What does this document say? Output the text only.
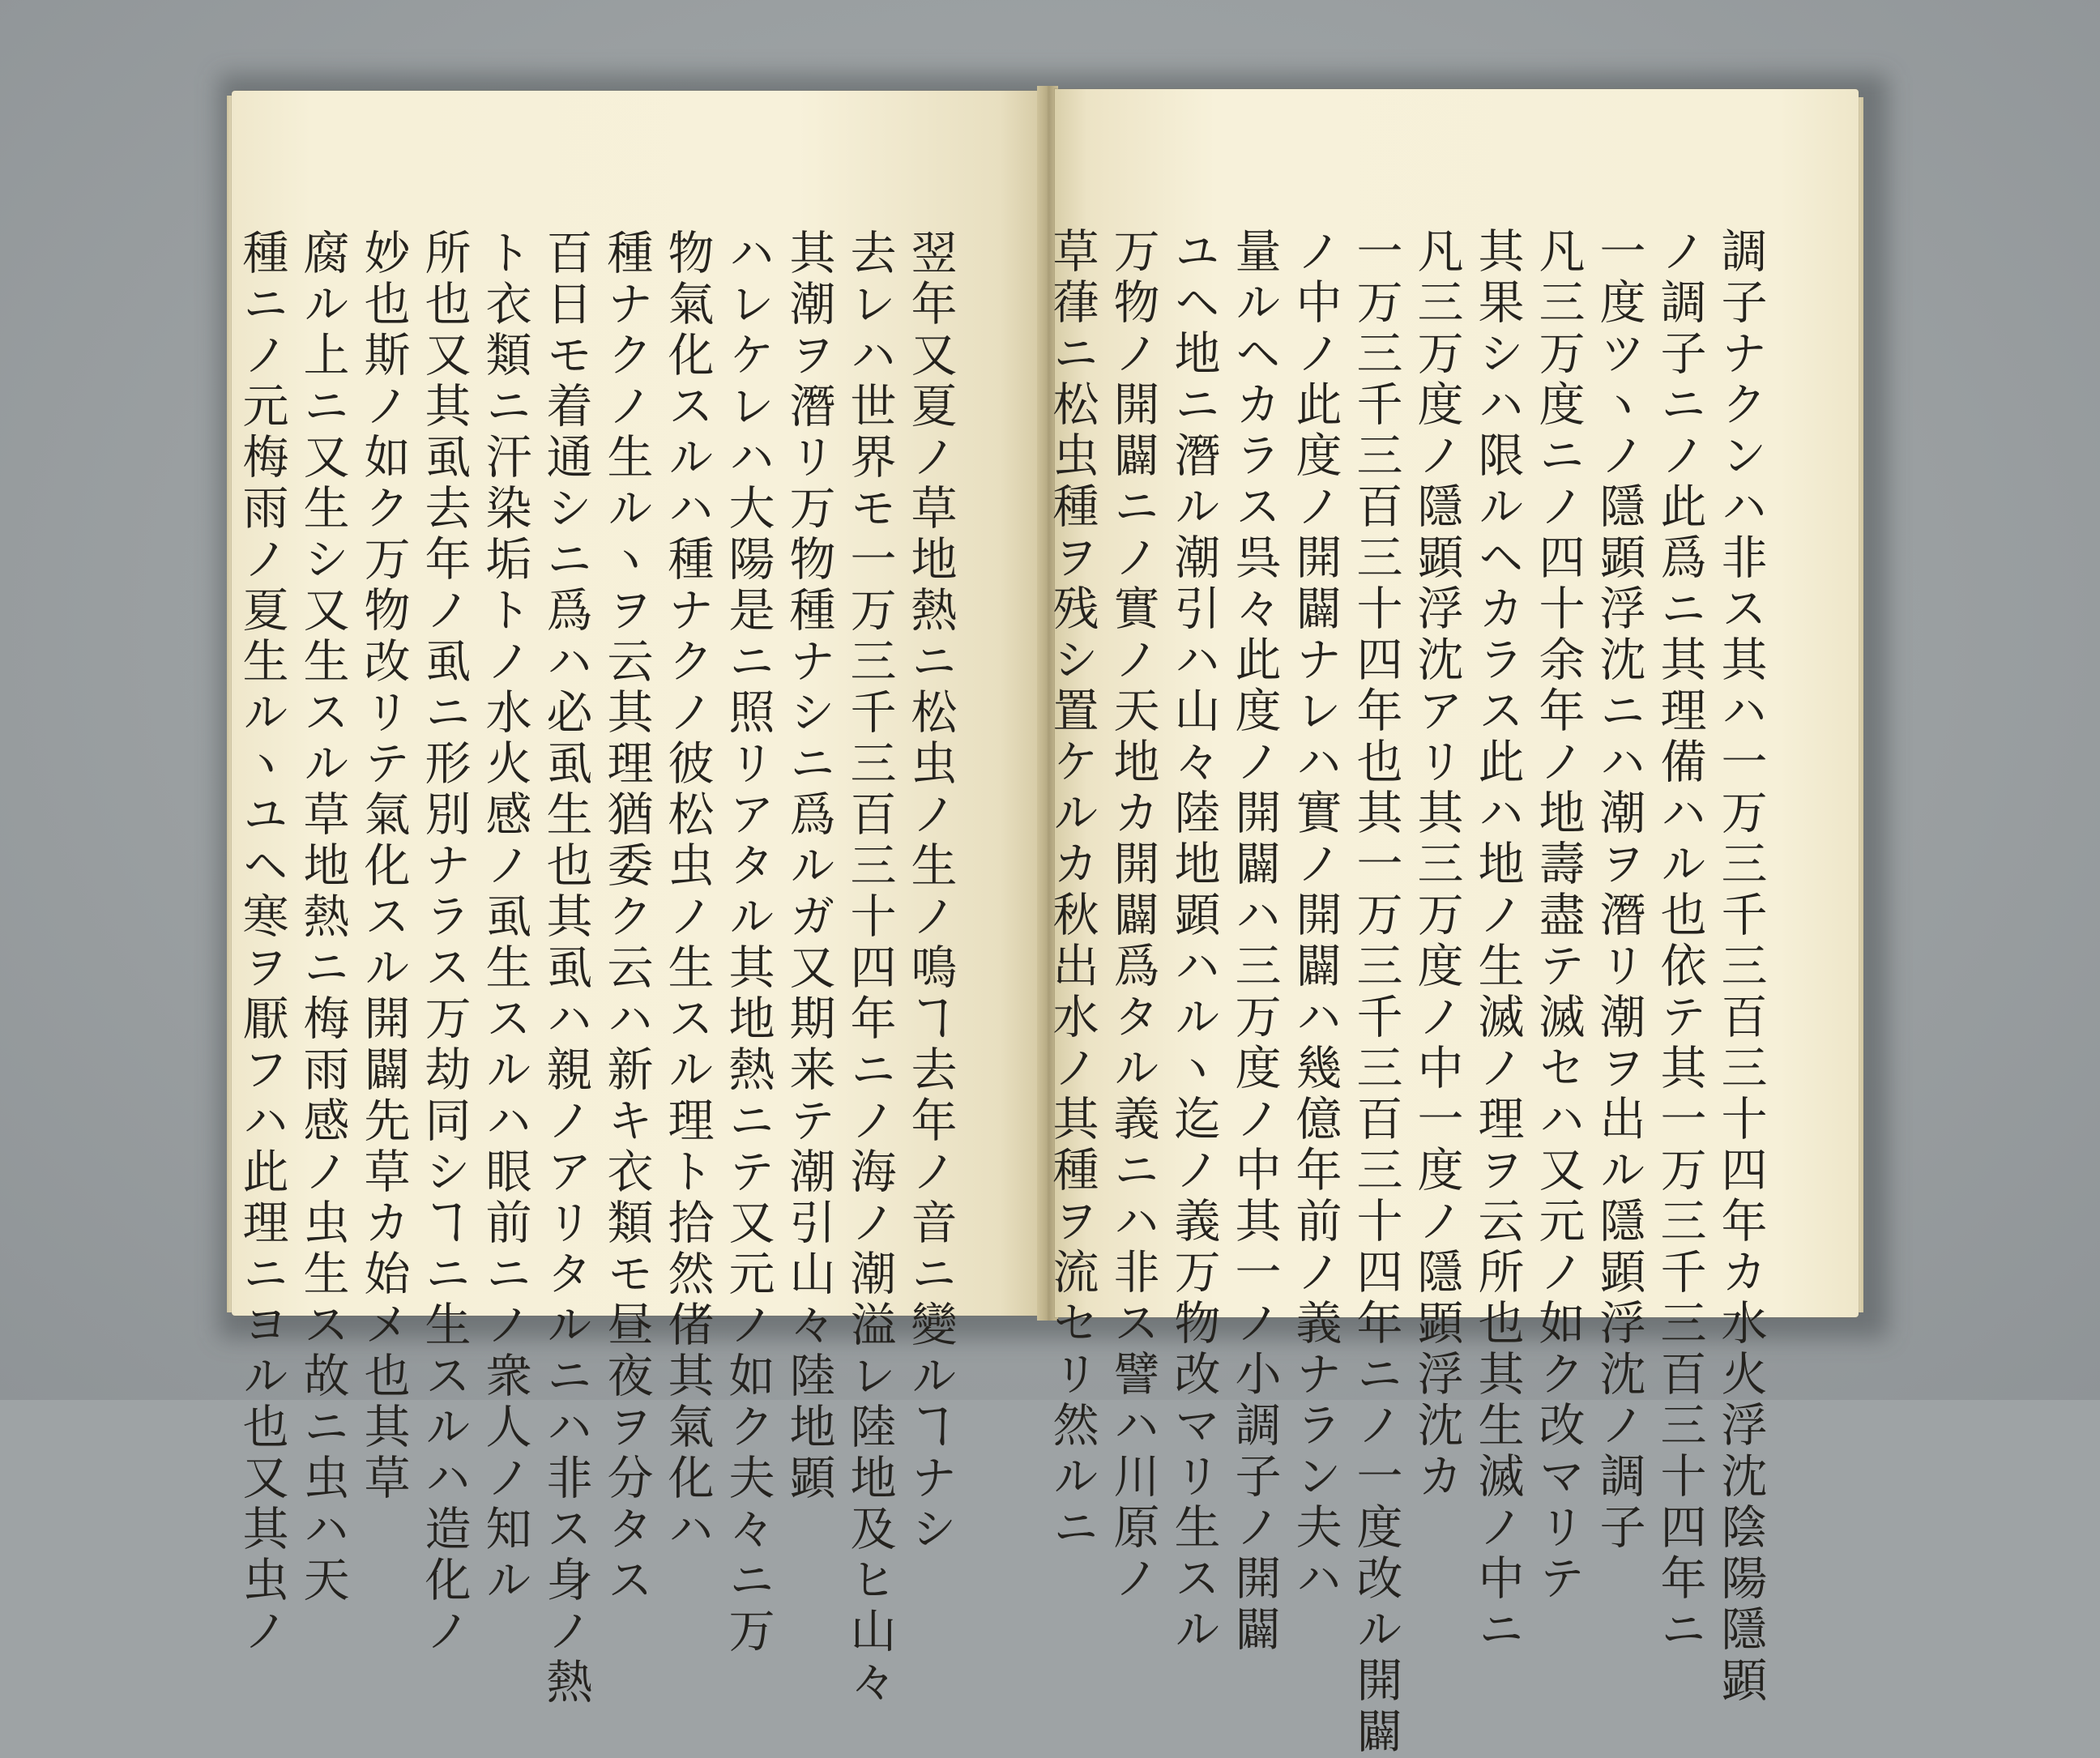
翌年又夏ノ草地熱ニ松虫ノ生ノ鳴ヿ去年ノ音ニ變ルヿナシ
去レハ世界モ一万三千三百三十四年ニノ海ノ潮溢レ陸地及ヒ山々
其潮ヲ潛リ万物種ナシニ爲ルガ又期来テ潮引山々陸地顕
ハレケレハ大陽是ニ照リアタル其地熱ニテ又元ノ如ク夫々ニ万
物氣化スルハ種ナクノ彼松虫ノ生スル理ト拾然偖其氣化ハ
種ナクノ生ルヽヲ云其理猶委ク云ハ新キ衣類モ昼夜ヲ分タス
百日モ着通シニ爲ハ必虱生也其虱ハ親ノアリタルニハ非ス身ノ熱
ト衣類ニ汗染垢トノ水火感ノ虱生スルハ眼前ニノ衆人ノ知ル
所也又其虱去年ノ虱ニ形別ナラス万劫同シヿニ生スルハ造化ノ
妙也斯ノ如ク万物改リテ氣化スル開闢先草カ始メ也其草
腐ル上ニ又生シ又生スル草地熱ニ梅雨感ノ虫生ス故ニ虫ハ天
種ニノ元梅雨ノ夏生ルヽユヘ寒ヲ厭フハ此理ニヨル也又其虫ノ	調子ナクンハ非ス其ハ一万三千三百三十四年カ水火浮沈陰陽隱顕
ノ調子ニノ此爲ニ其理備ハル也依テ其一万三千三百三十四年ニ
一度ツヽノ隱顕浮沈ニハ潮ヲ潛リ潮ヲ出ル隱顕浮沈ノ調子
凡三万度ニノ四十余年ノ地壽盡テ滅セハ又元ノ如ク改マリテ
其果シハ限ルヘカラス此ハ地ノ生滅ノ理ヲ云所也其生滅ノ中ニ
凡三万度ノ隱顕浮沈アリ其三万度ノ中一度ノ隱顕浮沈カ
一万三千三百三十四年也其一万三千三百三十四年ニノ一度改ル開闢
ノ中ノ此度ノ開闢ナレハ實ノ開闢ハ幾億年前ノ義ナラン夫ハ
量ルヘカラス呉々此度ノ開闢ハ三万度ノ中其一ノ小調子ノ開闢
ユヘ地ニ潛ル潮引ハ山々陸地顕ハルヽ迄ノ義万物改マリ生スル
万物ノ開闢ニノ實ノ天地カ開闢爲タル義ニハ非ス譬ハ川原ノ
草葎ニ松虫種ヲ残シ置ケルカ秋出水ノ其種ヲ流セリ然ルニ
